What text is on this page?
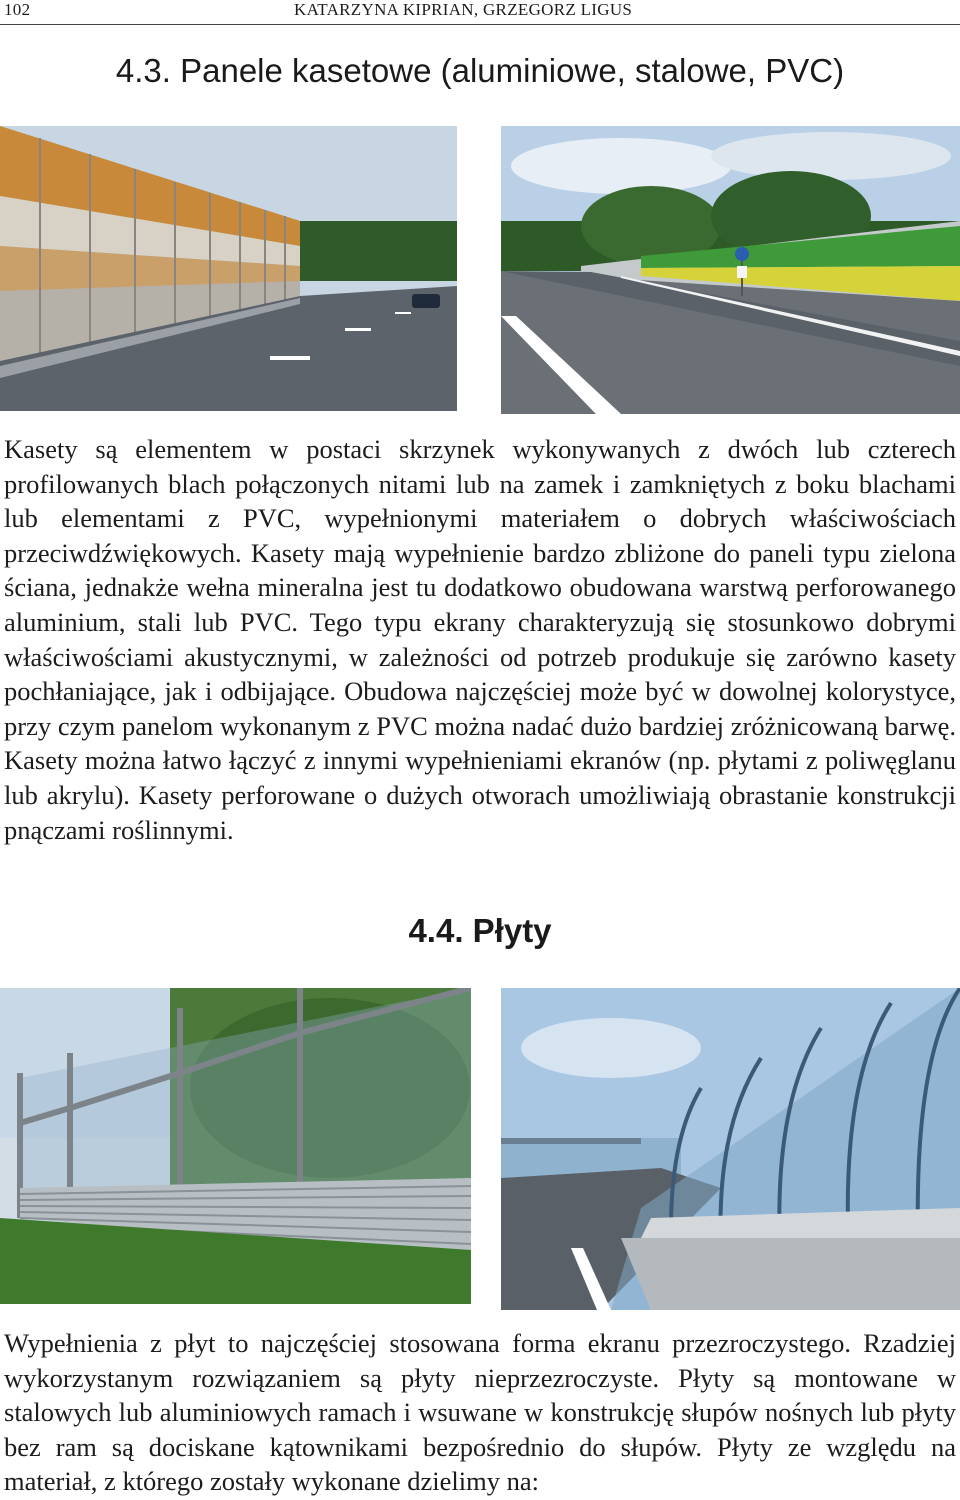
102	KATARZYNA KIPRIAN, GRZEGORZ LIGUS
4.3. Panele kasetowe (aluminiowe, stalowe, PVC)

Kasety są elementem w postaci skrzynek wykonywanych z dwóch lub czterech profilowanych blach połączonych nitami lub na zamek i zamkniętych z boku blachami lub elementami z PVC, wypełnionymi materiałem o dobrych właściwościach przeciwdźwiękowych. Kasety mają wypełnienie bardzo zbliżone do paneli typu zielona ściana, jednakże wełna mineralna jest tu dodatkowo obudowana warstwą perforowanego aluminium, stali lub PVC. Tego typu ekrany charakteryzują się stosunkowo dobrymi właściwościami akustycznymi, w zależności od potrzeb produkuje się zarówno kasety pochłaniające, jak i odbijające. Obudowa najczęściej może być w dowolnej kolorystyce, przy czym panelom wykonanym z PVC można nadać dużo bardziej zróżnicowaną barwę. Kasety można łatwo łączyć z innymi wypełnieniami ekranów (np. płytami z poliwęglanu lub akrylu). Kasety perforowane o dużych otworach umożliwiają obrastanie konstrukcji pnączami roślinnymi.

4.4. Płyty

Wypełnienia z płyt to najczęściej stosowana forma ekranu przezroczystego. Rzadziej wykorzystanym rozwiązaniem są płyty nieprzezroczyste. Płyty są montowane w stalowych lub aluminiowych ramach i wsuwane w konstrukcję słupów nośnych lub płyty bez ram są dociskane kątownikami bezpośrednio do słupów. Płyty ze względu na materiał, z którego zostały wykonane dzielimy na:
